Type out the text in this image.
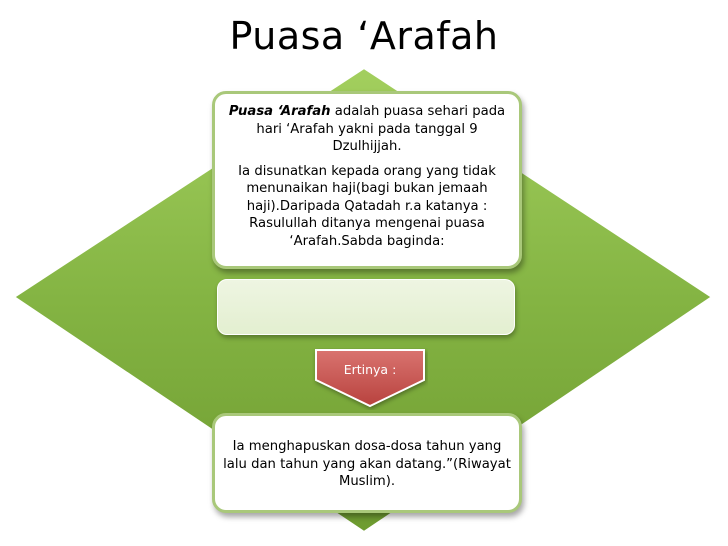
Puasa ‘Arafah

Puasa ‘Arafah adalah puasa sehari pada hari ‘Arafah yakni pada tanggal 9 Dzulhijjah.

Ia disunatkan kepada orang yang tidak menunaikan haji(bagi bukan jemaah haji).Daripada Qatadah r.a katanya : Rasulullah ditanya mengenai puasa ‘Arafah.Sabda baginda:

Ertinya :
Ia menghapuskan dosa-dosa tahun yang lalu dan tahun yang akan datang.”(Riwayat Muslim).
